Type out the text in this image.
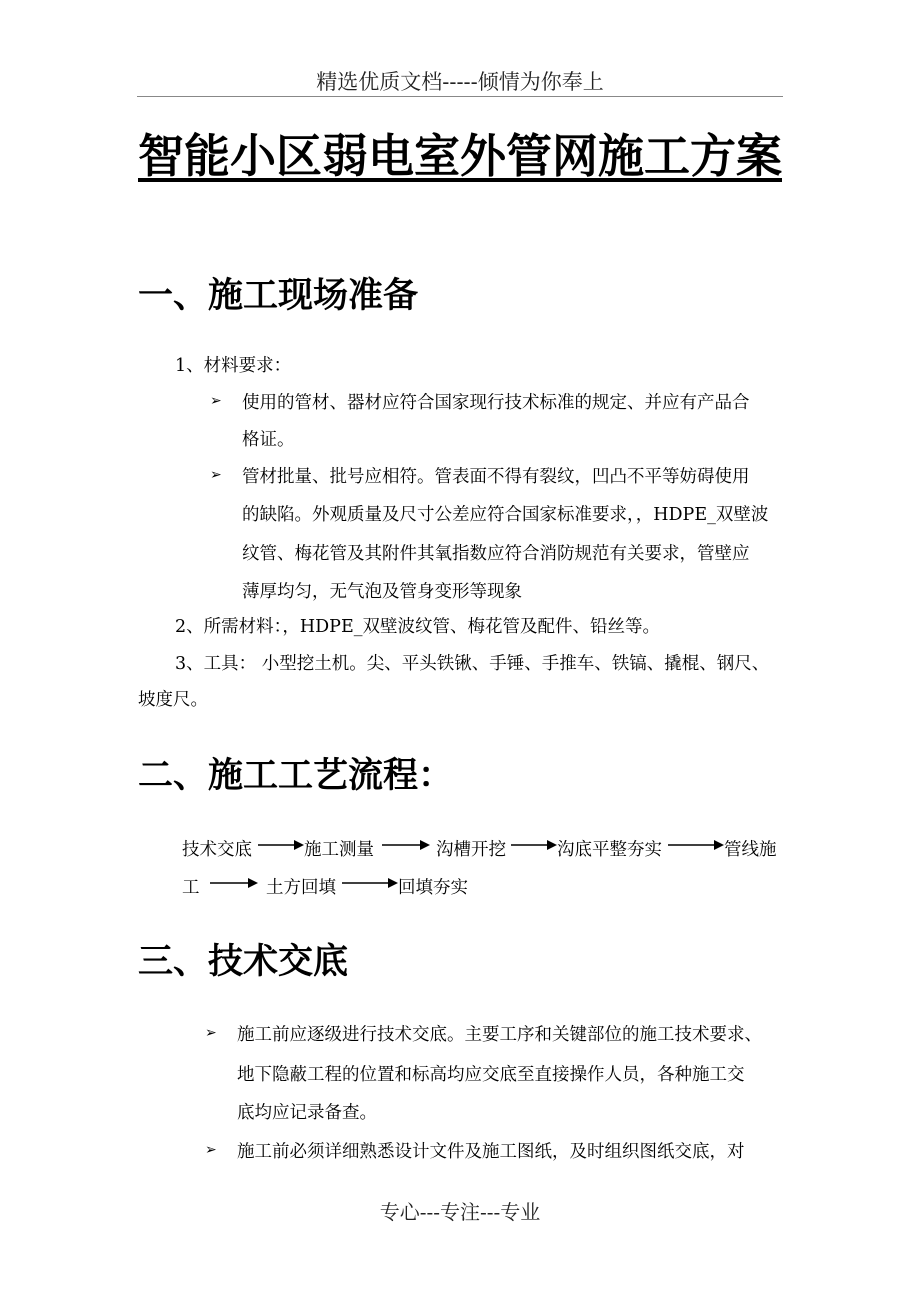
精选优质文档-----倾情为你奉上
智能小区弱电室外管网施工方案
一、施工现场准备
1、材料要求：
➢ 使用的管材、器材应符合国家现行技术标准的规定、并应有产品合
格证。
➢ 管材批量、批号应相符。管表面不得有裂纹，凹凸不平等妨碍使用
的缺陷。外观质量及尺寸公差应符合国家标准要求，，HDPE_双壁波
纹管、梅花管及其附件其氧指数应符合消防规范有关要求，管壁应
薄厚均匀，无气泡及管身变形等现象
2、所需材料：，HDPE_双壁波纹管、梅花管及配件、铅丝等。
3、工具： 小型挖土机。尖、平头铁锹、手锤、手推车、铁镐、撬棍、钢尺、
坡度尺。
二、施工工艺流程：
技术交底	施工测量	沟槽开挖	沟底平整夯实	管线施
工	土方回填	回填夯实
三、技术交底
➢ 施工前应逐级进行技术交底。主要工序和关键部位的施工技术要求、
地下隐蔽工程的位置和标高均应交底至直接操作人员，各种施工交
底均应记录备查。
➢ 施工前必须详细熟悉设计文件及施工图纸，及时组织图纸交底，对
专心---专注---专业
